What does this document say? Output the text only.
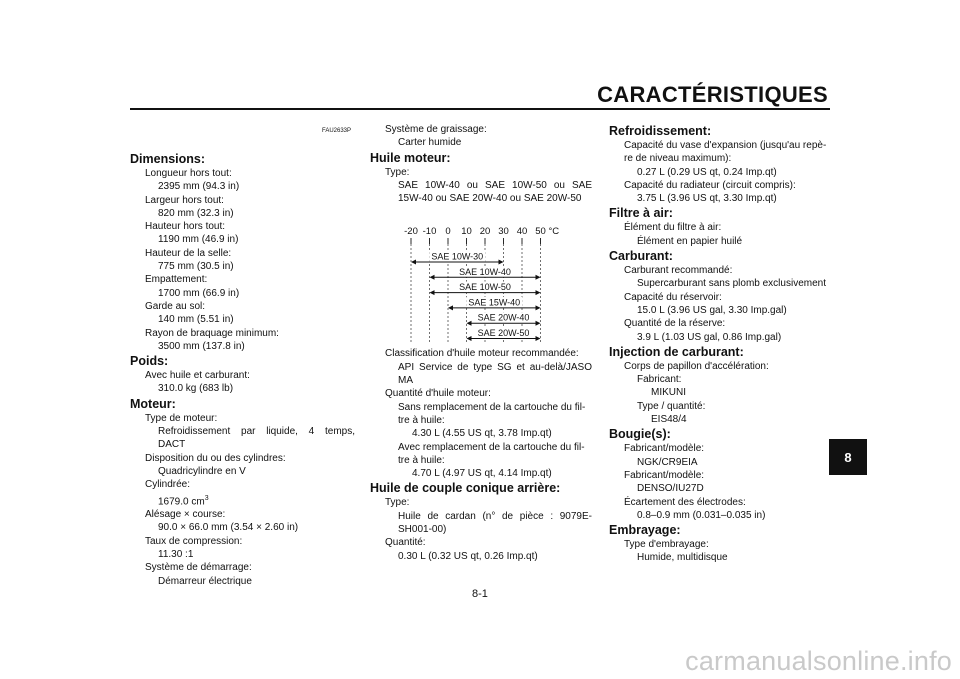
CARACTÉRISTIQUES
FAU2633P
Dimensions:
Longueur hors tout:
2395 mm (94.3 in)
Largeur hors tout:
820 mm (32.3 in)
Hauteur hors tout:
1190 mm (46.9 in)
Hauteur de la selle:
775 mm (30.5 in)
Empattement:
1700 mm (66.9 in)
Garde au sol:
140 mm (5.51 in)
Rayon de braquage minimum:
3500 mm (137.8 in)
Poids:
Avec huile et carburant:
310.0 kg (683 lb)
Moteur:
Type de moteur:
Refroidissement par liquide, 4 temps,
DACT
Disposition du ou des cylindres:
Quadricylindre en V
Cylindrée:
1679.0 $cm^3$
Alésage × course:
90.0 × 66.0 mm (3.54 × 2.60 in)
Taux de compression:
11.30 :1
Système de démarrage:
Démarreur électrique
Système de graissage:
Carter humide
Huile moteur:
Type:
SAE 10W-40 ou SAE 10W-50 ou SAE
15W-40 ou SAE 20W-40 ou SAE 20W-50
Classification d'huile moteur recommandée:
API Service de type SG et au-delà/JASO
MA
Quantité d'huile moteur:
Sans remplacement de la cartouche du fil-
tre à huile:
4.30 L (4.55 US qt, 3.78 Imp.qt)
Avec remplacement de la cartouche du fil-
tre à huile:
4.70 L (4.97 US qt, 4.14 Imp.qt)
Huile de couple conique arrière:
Type:
Huile de cardan (n° de pièce : 9079E-
SH001-00)
Quantité:
0.30 L (0.32 US qt, 0.26 Imp.qt)
-20 -10 0 10 20 30 40 50 °C
SAE 10W-30
SAE 10W-40
SAE 10W-50
SAE 15W-40
SAE 20W-40
SAE 20W-50
Refroidissement:
Capacité du vase d'expansion (jusqu'au repè-
re de niveau maximum):
0.27 L (0.29 US qt, 0.24 Imp.qt)
Capacité du radiateur (circuit compris):
3.75 L (3.96 US qt, 3.30 Imp.qt)
Filtre à air:
Élément du filtre à air:
Élément en papier huilé
Carburant:
Carburant recommandé:
Supercarburant sans plomb exclusivement
Capacité du réservoir:
15.0 L (3.96 US gal, 3.30 Imp.gal)
Quantité de la réserve:
3.9 L (1.03 US gal, 0.86 Imp.gal)
Injection de carburant:
Corps de papillon d'accélération:
Fabricant:
MIKUNI
Type / quantité:
EIS48/4
Bougie(s):
Fabricant/modèle:
NGK/CR9EIA
Fabricant/modèle:
DENSO/IU27D
Écartement des électrodes:
0.8–0.9 mm (0.031–0.035 in)
Embrayage:
Type d'embrayage:
Humide, multidisque
8-1
8
carmanualsonline.info
